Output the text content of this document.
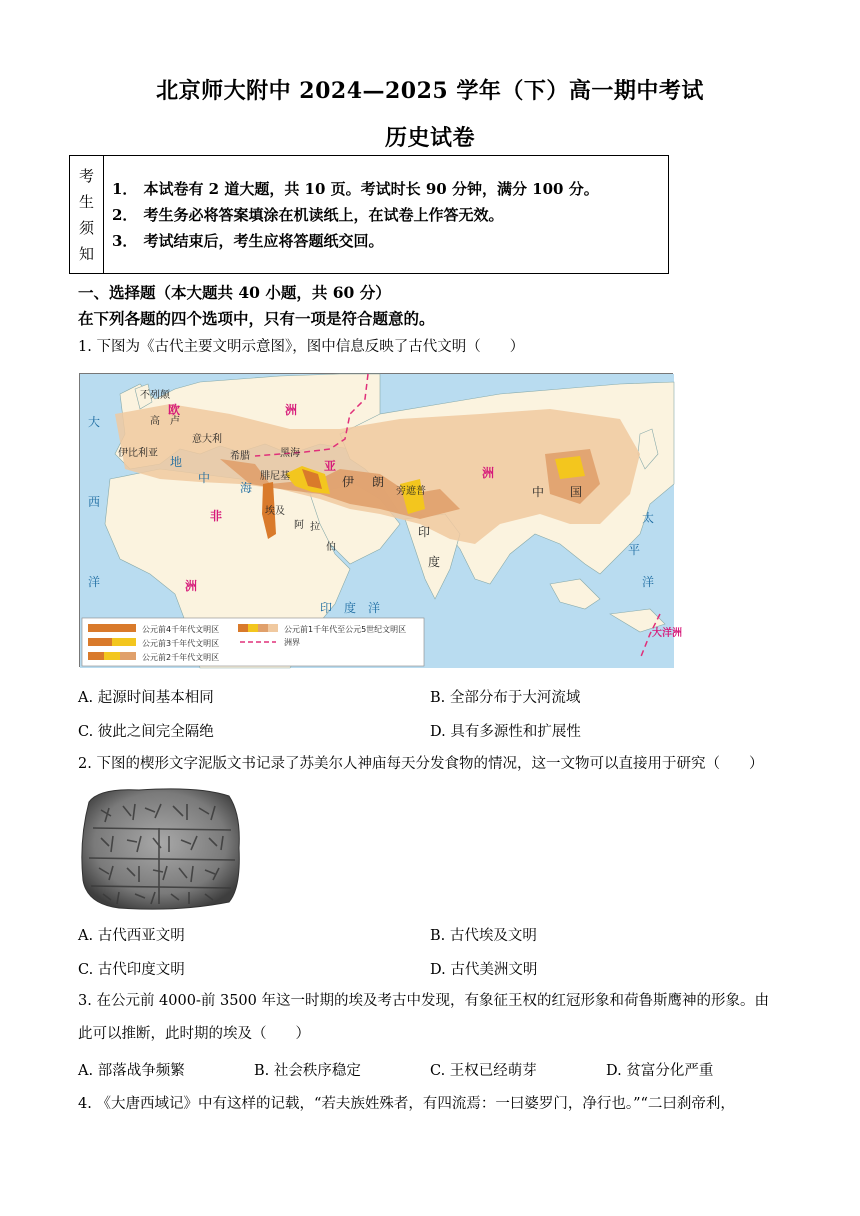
北京师大附中 2024—2025 学年（下）高一期中考试
历史试卷
考
生
须
知
1． 本试卷有 2 道大题，共 10 页。考试时长 90 分钟，满分 100 分。
2． 考生务必将答案填涂在机读纸上，在试卷上作答无效。
3． 考试结束后，考生应将答题纸交回。
一、选择题（本大题共 40 小题，共 60 分）
在下列各题的四个选项中，只有一项是符合题意的。
1. 下图为《古代主要文明示意图》，图中信息反映了古代文明（　　）
不列颠
高 卢
意大利
伊比利亚	希腊	黑海
腓尼基
埃及
阿 拉
伯
伊 朗
旁遮普
印
度
中 国
欧	洲
亚	洲
非
洲
大洋洲
大
西
洋
地
中
海
印　度　洋
太
平
洋
公元前4千年代文明区
公元前3千年代文明区
公元前2千年代文明区
公元前1千年代至公元5世纪文明区
洲界
A. 起源时间基本相同	B. 全部分布于大河流域
C. 彼此之间完全隔绝	D. 具有多源性和扩展性
2. 下图的楔形文字泥版文书记录了苏美尔人神庙每天分发食物的情况，这一文物可以直接用于研究（　　）
A. 古代西亚文明	B. 古代埃及文明
C. 古代印度文明	D. 古代美洲文明
3. 在公元前 4000-前 3500 年这一时期的埃及考古中发现，有象征王权的红冠形象和荷鲁斯鹰神的形象。由
此可以推断，此时期的埃及（　　）
A. 部落战争频繁	B. 社会秩序稳定	C. 王权已经萌芽	D. 贫富分化严重
4. 《大唐西域记》中有这样的记载，“若夫族姓殊者，有四流焉：一曰婆罗门，净行也。”“二曰刹帝利，
